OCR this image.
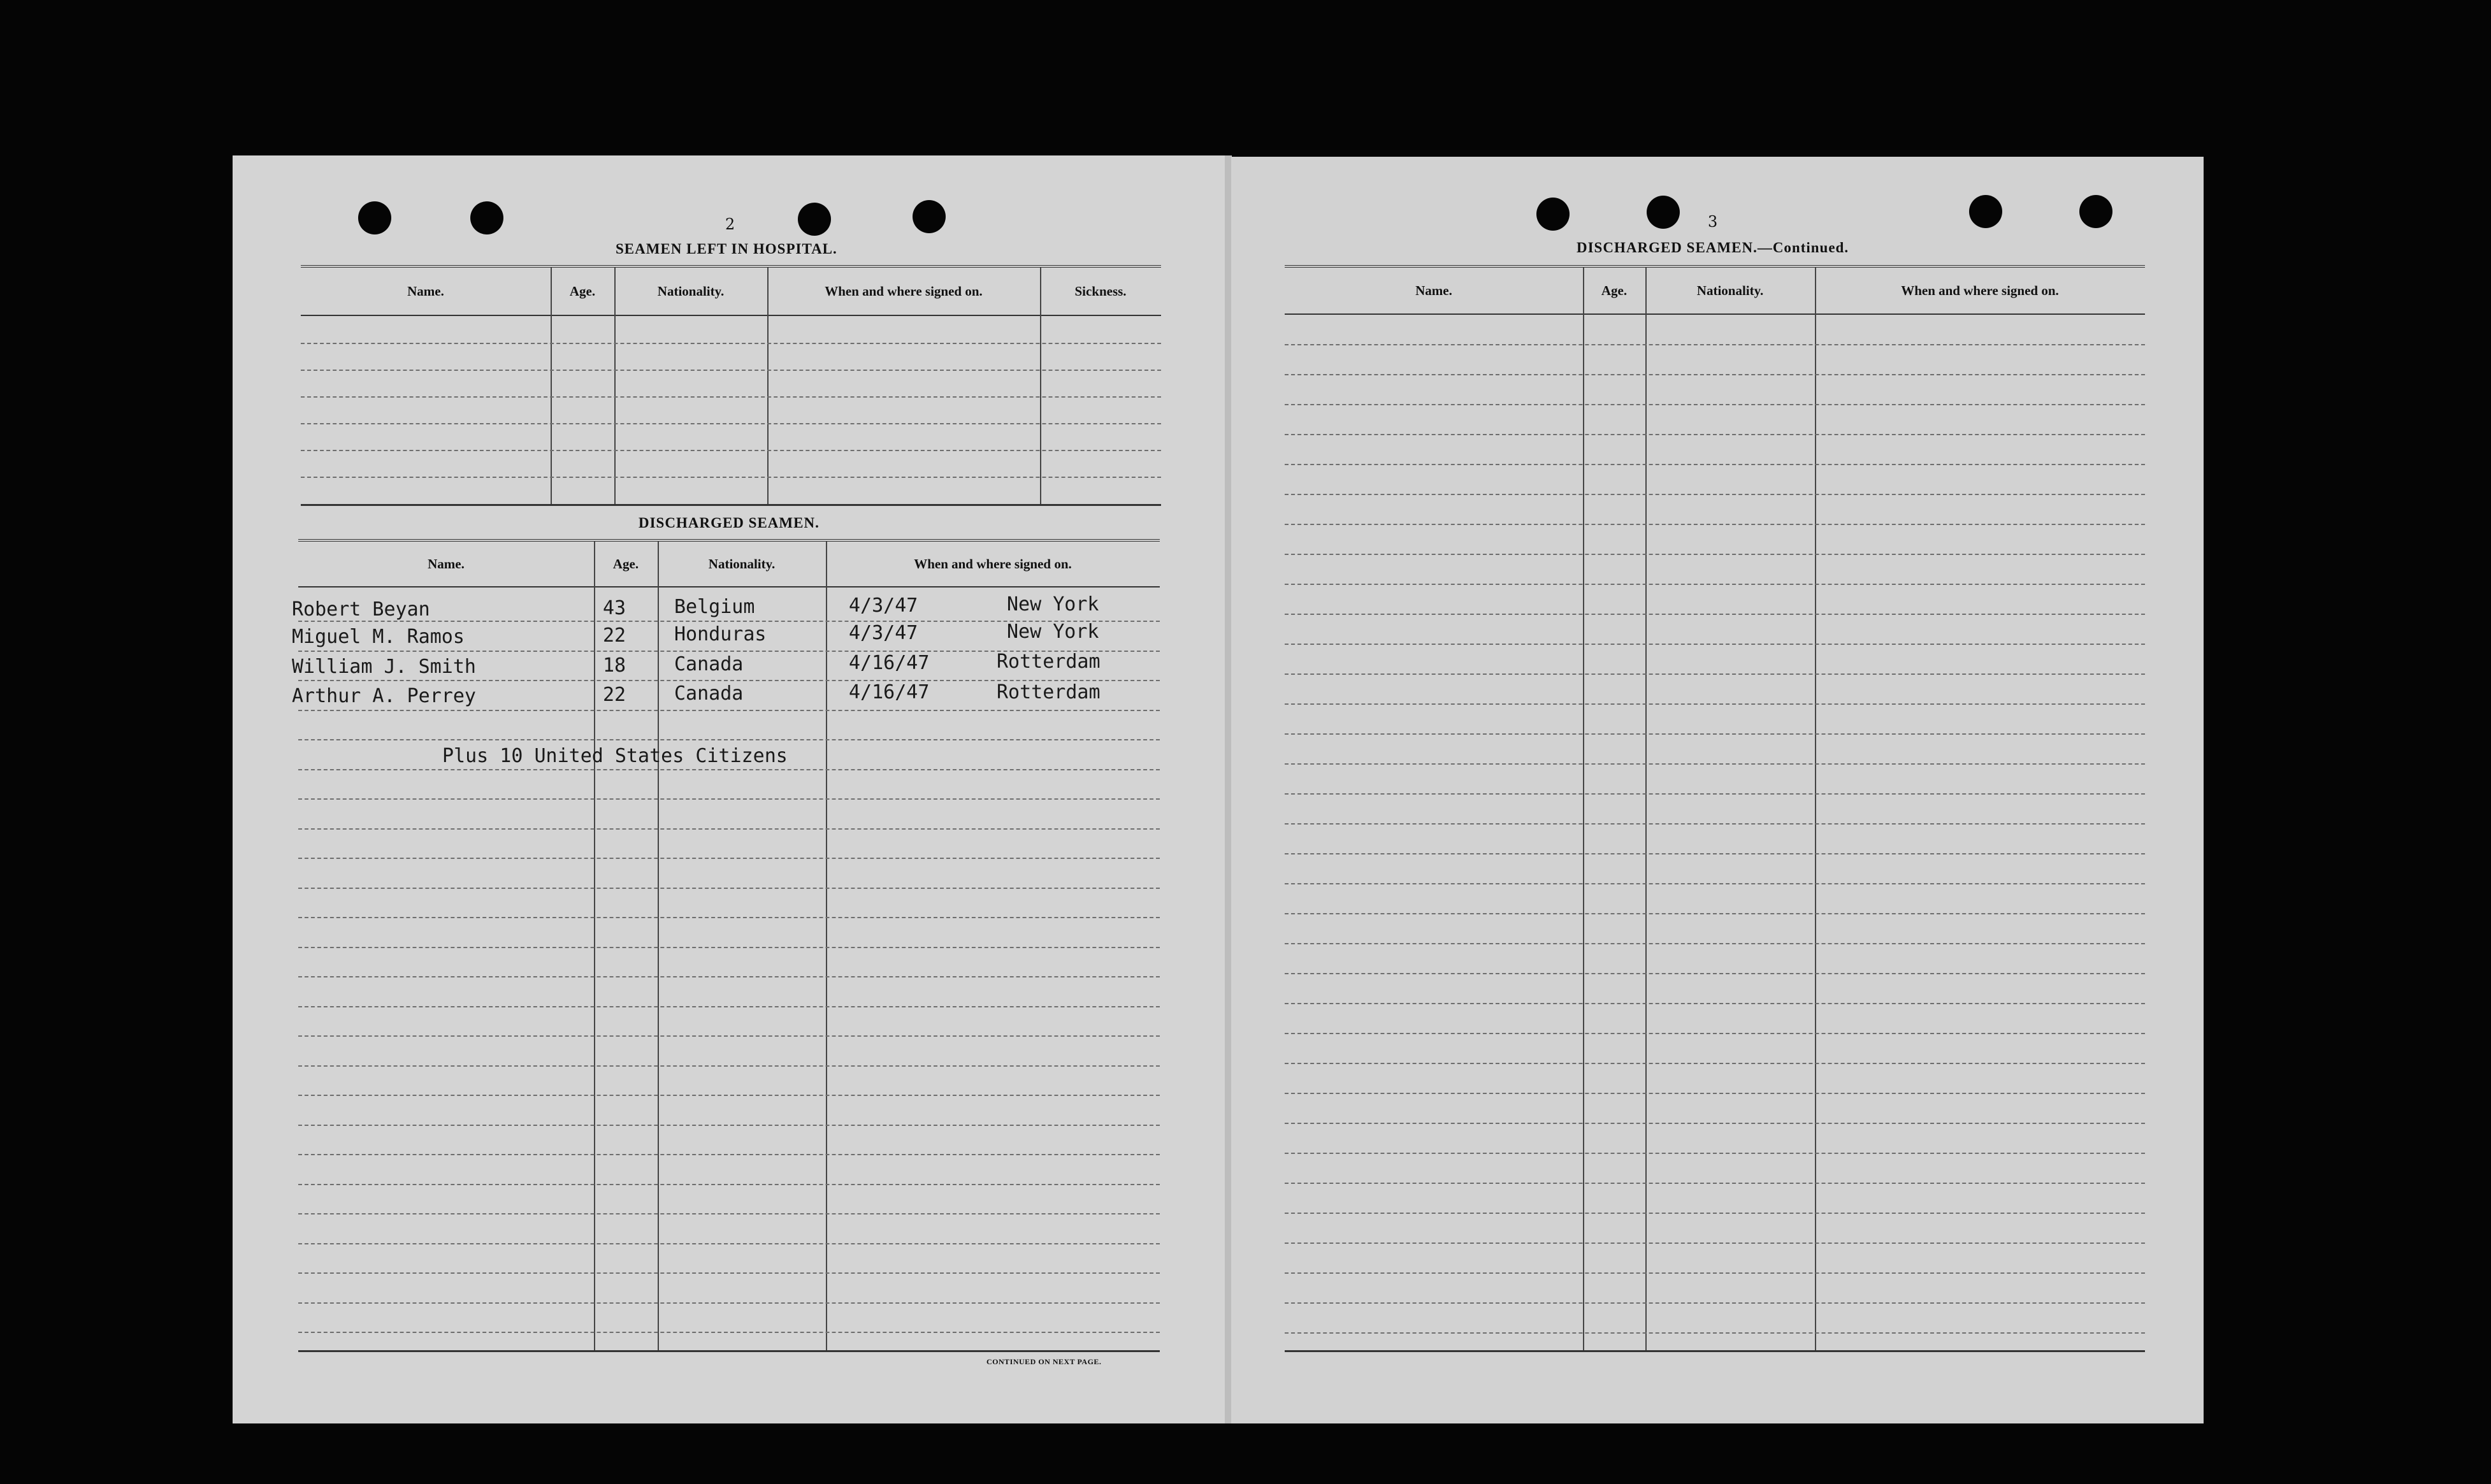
2
SEAMEN LEFT IN HOSPITAL.
Name.	Age.	Nationality.	When and where signed on.	Sickness.
DISCHARGED SEAMEN.
Name.	Age.	Nationality.	When and where signed on.
Robert Beyan	43	Belgium	4/3/47	New York
Miguel M. Ramos	22	Honduras	4/3/47	New York
William J. Smith	18	Canada	4/16/47	Rotterdam
Arthur A. Perrey	22	Canada	4/16/47	Rotterdam
Plus 10 United States Citizens
CONTINUED ON NEXT PAGE.
3
DISCHARGED SEAMEN.—Continued.
Name.	Age.	Nationality.	When and where signed on.
